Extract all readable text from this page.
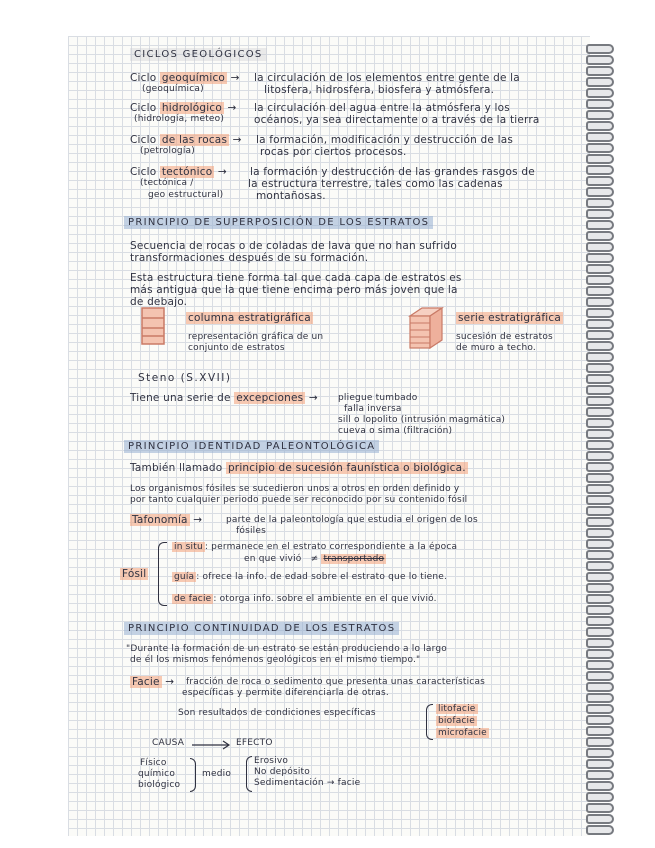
CICLOS GEOLÓGICOS
Ciclo geoquímico →
(geoquímica)
la circulación de los elementos entre gente de la
litosfera, hidrosfera, biosfera y atmósfera.
Ciclo hidrológico →
(hidrología, meteo)
la circulación del agua entre la atmósfera y los
océanos, ya sea directamente o a través de la tierra
Ciclo de las rocas →
(petrología)
la formación, modificación y destrucción de las
rocas por ciertos procesos.
Ciclo tectónico →
(tectónica /
geo estructural)
la formación y destrucción de las grandes rasgos de
la estructura terrestre, tales como las cadenas
montañosas.
PRINCIPIO DE SUPERPOSICIÓN DE LOS ESTRATOS
Secuencia de rocas o de coladas de lava que no han sufrido
transformaciones después de su formación.
Esta estructura tiene forma tal que cada capa de estratos es
más antigua que la que tiene encima pero más joven que la
de debajo.
columna estratigráfica
representación gráfica de un
conjunto de estratos
serie estratigráfica
sucesión de estratos
de muro a techo.
Steno (S.XVII)
Tiene una serie de excepciones → pliegue tumbado
falla inversa
sill o lopolito (intrusión magmática)
cueva o sima (filtración)
PRINCIPIO IDENTIDAD PALEONTOLÓGICA
También llamado principio de sucesión faunística o biológica.
Los organismos fósiles se sucedieron unos a otros en orden definido y
por tanto cualquier periodo puede ser reconocido por su contenido fósil
Tafonomía →	parte de la paleontología que estudia el origen de los
fósiles
Fósil
in situ : permanece en el estrato correspondiente a la época
en que vivió ≠ transportado
guía : ofrece la info. de edad sobre el estrato que lo tiene.
de facie : otorga info. sobre el ambiente en el que vivió.
PRINCIPIO CONTINUIDAD DE LOS ESTRATOS
"Durante la formación de un estrato se están produciendo a lo largo
de él los mismos fenómenos geológicos en el mismo tiempo."
Facie → fracción de roca o sedimento que presenta unas características
específicas y permite diferenciarla de otras.
Son resultados de condiciones específicas	litofacie
biofacie
microfacie
CAUSA	EFECTO
Físico
químico
biológico
medio
Erosivo
No depósito
Sedimentación → facie
